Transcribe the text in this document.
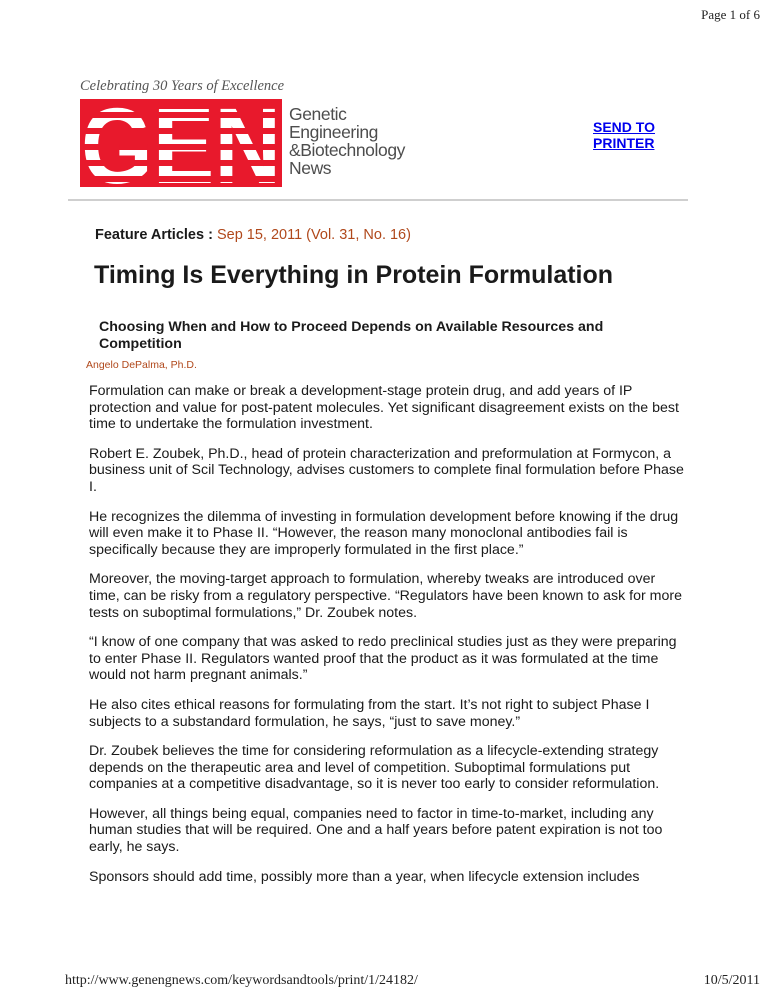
Page 1 of 6
Celebrating 30 Years of Excellence
Genetic
Engineering
&Biotechnology
News
SEND TO
PRINTER
Feature Articles : Sep 15, 2011 (Vol. 31, No. 16)
Timing Is Everything in Protein Formulation
Choosing When and How to Proceed Depends on Available Resources and Competition
Angelo DePalma, Ph.D.

Formulation can make or break a development-stage protein drug, and add years of IP protection and value for post-patent molecules. Yet significant disagreement exists on the best time to undertake the formulation investment.

Robert E. Zoubek, Ph.D., head of protein characterization and preformulation at Formycon, a business unit of Scil Technology, advises customers to complete final formulation before Phase I.

He recognizes the dilemma of investing in formulation development before knowing if the drug will even make it to Phase II. “However, the reason many monoclonal antibodies fail is specifically because they are improperly formulated in the first place.”

Moreover, the moving-target approach to formulation, whereby tweaks are introduced over time, can be risky from a regulatory perspective. “Regulators have been known to ask for more tests on suboptimal formulations,” Dr. Zoubek notes.

“I know of one company that was asked to redo preclinical studies just as they were preparing to enter Phase II. Regulators wanted proof that the product as it was formulated at the time would not harm pregnant animals.”

He also cites ethical reasons for formulating from the start. It’s not right to subject Phase I subjects to a substandard formulation, he says, “just to save money.”

Dr. Zoubek believes the time for considering reformulation as a lifecycle-extending strategy depends on the therapeutic area and level of competition. Suboptimal formulations put companies at a competitive disadvantage, so it is never too early to consider reformulation.

However, all things being equal, companies need to factor in time-to-market, including any human studies that will be required. One and a half years before patent expiration is not too early, he says.

Sponsors should add time, possibly more than a year, when lifecycle extension includes

http://www.genengnews.com/keywordsandtools/print/1/24182/	10/5/2011
